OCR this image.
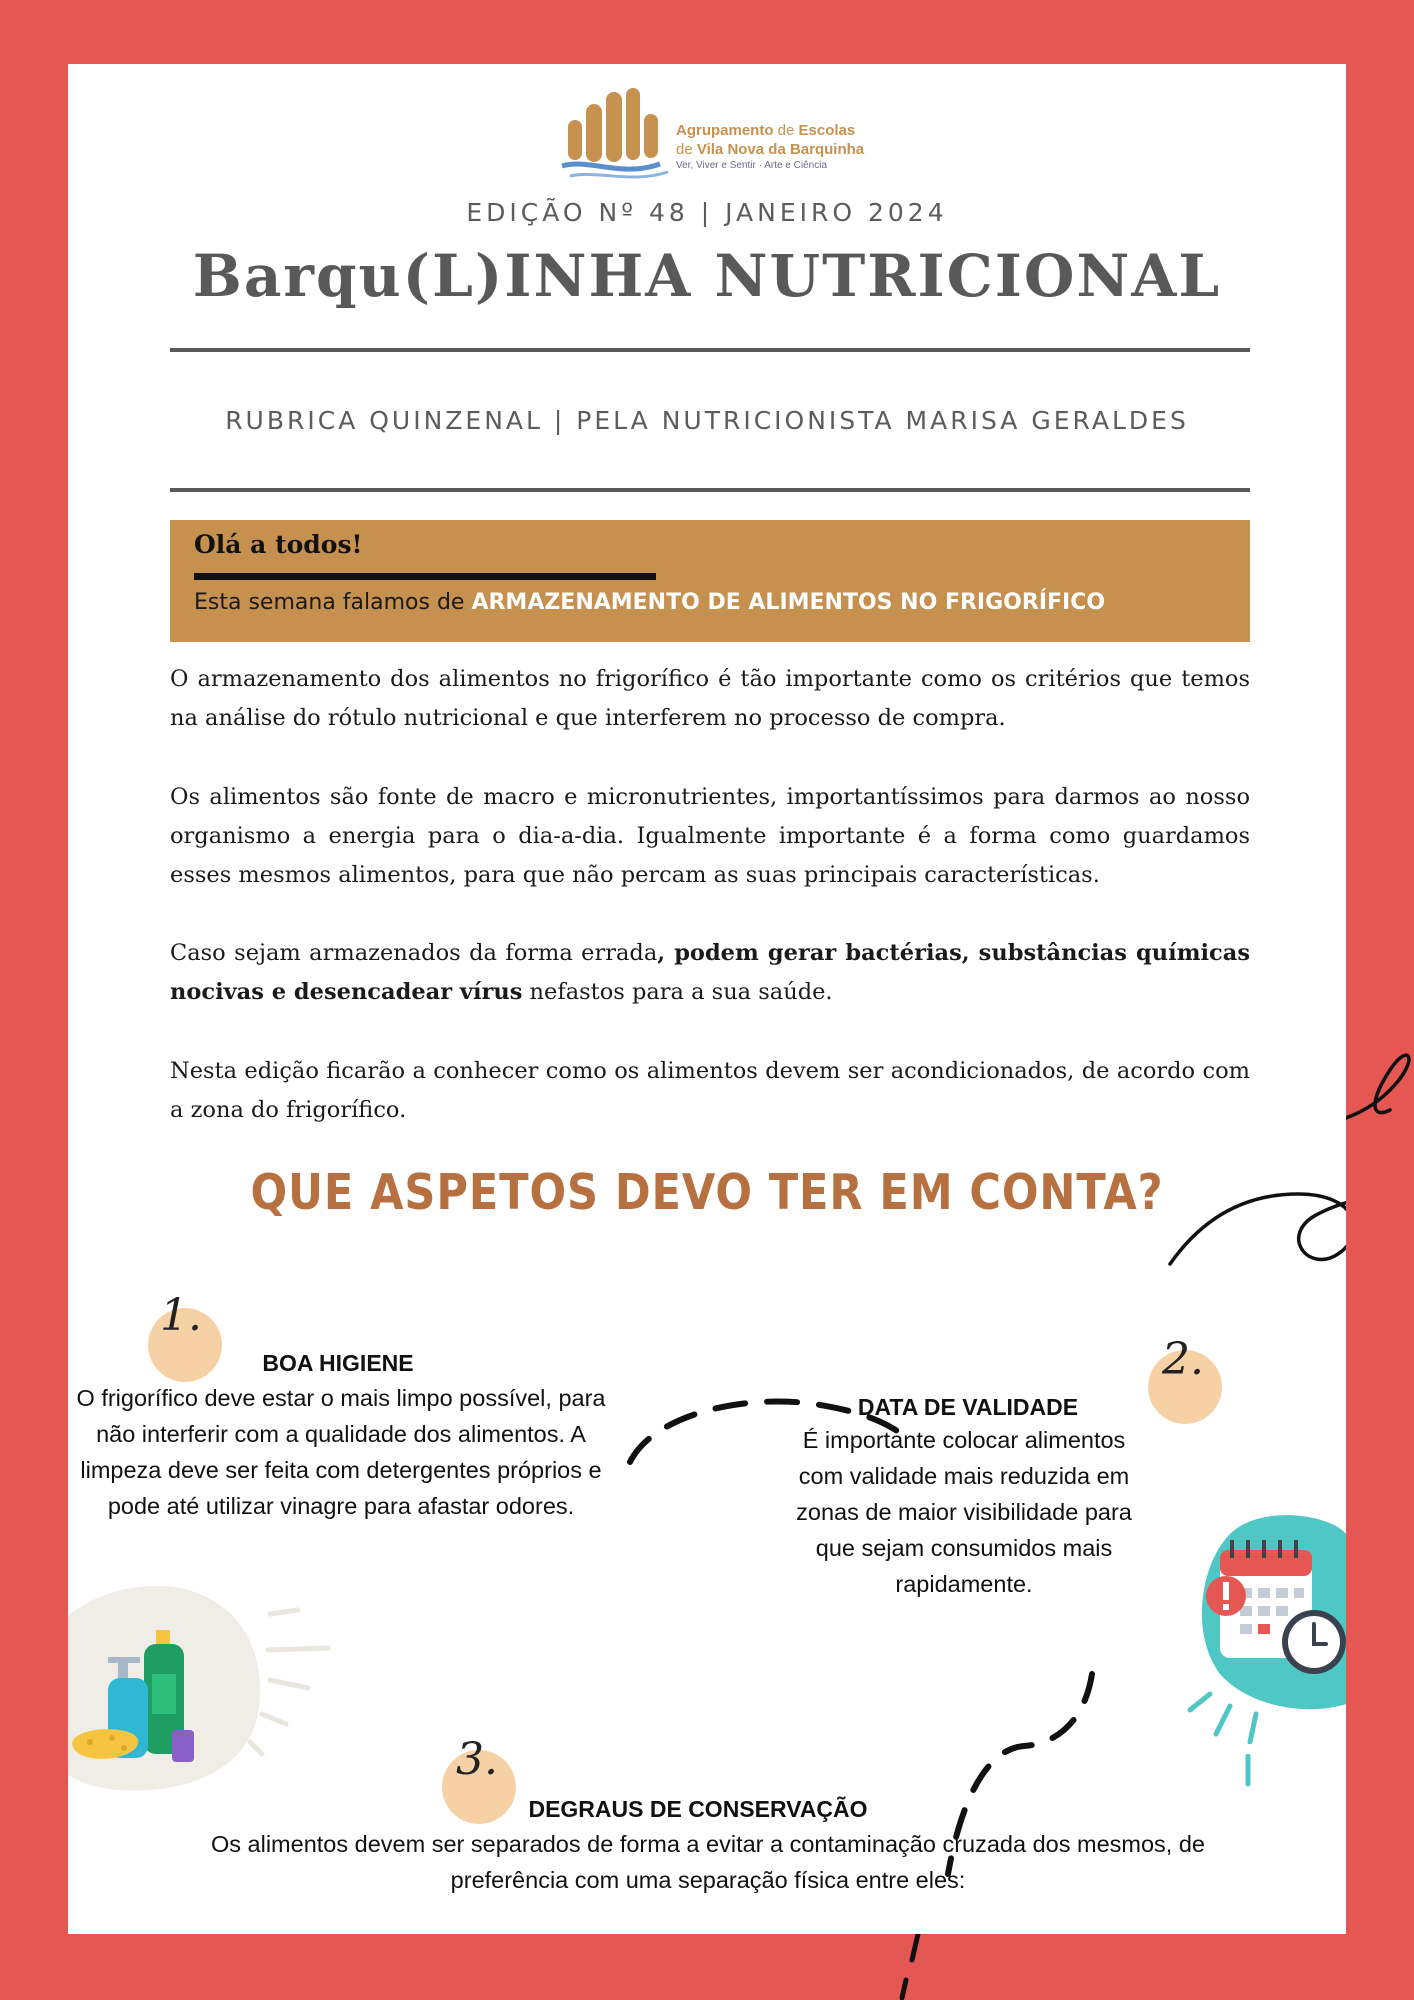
Agrupamento de Escolas
de Vila Nova da Barquinha
Ver, Viver e Sentir · Arte e Ciência
EDIÇÃO Nº 48 | JANEIRO 2024
Barqu(L)INHA NUTRICIONAL
RUBRICA QUINZENAL | PELA NUTRICIONISTA MARISA GERALDES
Olá a todos!
Esta semana falamos de ARMAZENAMENTO DE ALIMENTOS NO FRIGORÍFICO

O armazenamento dos alimentos no frigorífico é tão importante como os critérios que temos na análise do rótulo nutricional e que interferem no processo de compra.

Os alimentos são fonte de macro e micronutrientes, importantíssimos para darmos ao nosso organismo a energia para o dia-a-dia. Igualmente importante é a forma como guardamos esses mesmos alimentos, para que não percam as suas principais características.

Caso sejam armazenados da forma errada, podem gerar bactérias, substâncias químicas nocivas e desencadear vírus nefastos para a sua saúde.

Nesta edição ficarão a conhecer como os alimentos devem ser acondicionados, de acordo com a zona do frigorífico.

QUE ASPETOS DEVO TER EM CONTA?
1.
BOA HIGIENE

O frigorífico deve estar o mais limpo possível, para não interferir com a qualidade dos alimentos. A limpeza deve ser feita com detergentes próprios e pode até utilizar vinagre para afastar odores.

2.
DATA DE VALIDADE

É importante colocar alimentos com validade mais reduzida em zonas de maior visibilidade para que sejam consumidos mais rapidamente.

3.
DEGRAUS DE CONSERVAÇÃO

Os alimentos devem ser separados de forma a evitar a contaminação cruzada dos mesmos, de preferência com uma separação física entre eles:
